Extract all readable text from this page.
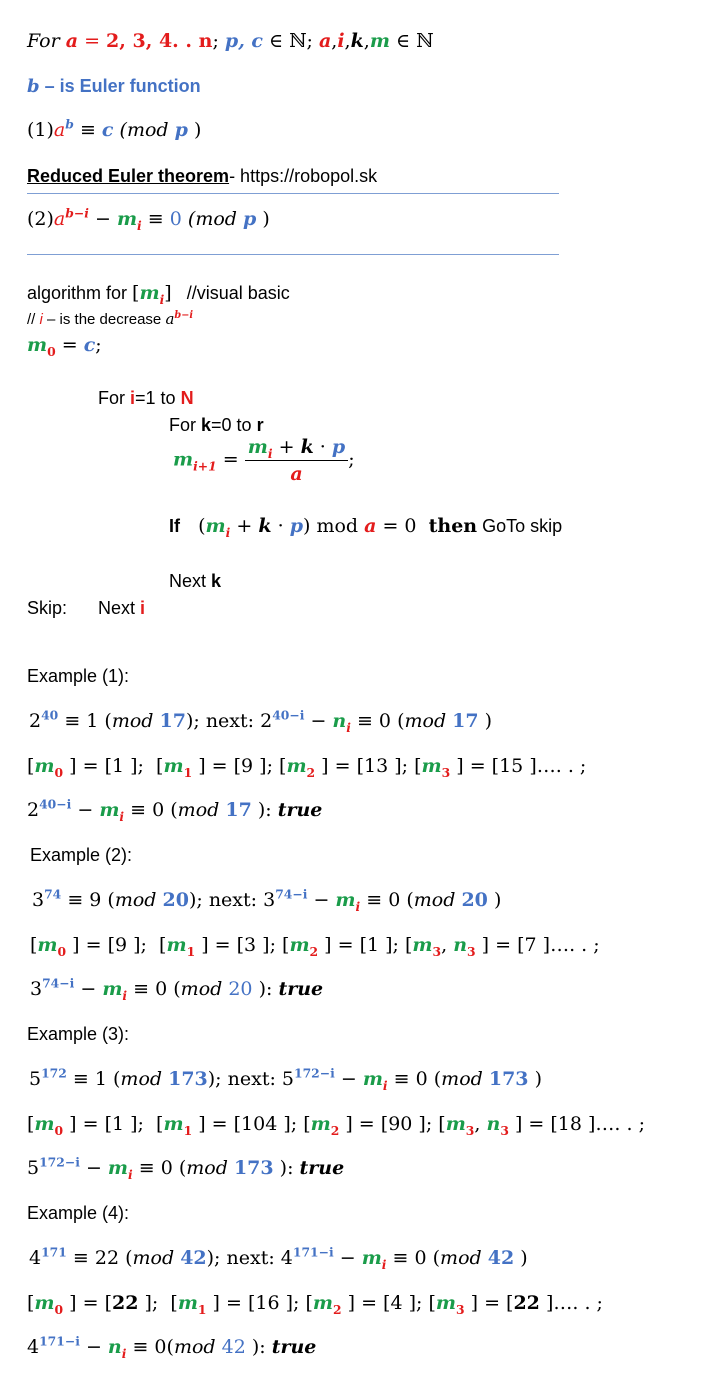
For a = 2, 3, 4. . n; p, c ∈ ℕ; a,i,k,m ∈ ℕ
b – is Euler function
$(1)a^b \equiv c$ (mod p )
Reduced Euler theorem- https://robopol.sk
$(2)a^{b-i} - m_i \equiv 0$ (mod p )
algorithm for $[m_i]$ //visual basic
// i – is the decrease $a^{b-i}$
$m_0 = c$;
For i=1 to N
For k=0 to r
$m_{i+1} = \frac{m_i + k \cdot p}{a}$ ;
If $(m_i + k \cdot p)$ mod a = 0 then GoTo skip
Next k
Skip: Next i
Example (1):
$2^{40} \equiv 1$ (mod 17); next: $2^{40-i} - n_i \equiv 0$ (mod 17 )
[$m_0$ ] = [1 ];  [$m_1$ ] = [9 ]; [$m_2$ ] = [13 ]; [$m_3$ ] = [15 ]…. . ;
$2^{40-i} - m_i \equiv 0$ (mod 17 ): true
Example (2):
$3^{74} \equiv 9$ (mod 20); next: $3^{74-i} - m_i \equiv 0$ (mod 20 )
[$m_0$ ] = [9 ];  [$m_1$ ] = [3 ]; [$m_2$ ] = [1 ]; [$m_3$, $n_3$ ] = [7 ]…. . ;
$3^{74-i} - m_i \equiv 0$ (mod 20 ): true
Example (3):
$5^{172} \equiv 1$ (mod 173); next: $5^{172-i} - m_i \equiv 0$ (mod 173 )
[$m_0$ ] = [1 ];  [$m_1$ ] = [104 ]; [$m_2$ ] = [90 ]; [$m_3$, $n_3$ ] = [18 ]…. . ;
$5^{172-i} - m_i \equiv 0$ (mod 173 ): true
Example (4):
$4^{171} \equiv 22$ (mod 42); next: $4^{171-i} - m_i \equiv 0$ (mod 42 )
[$m_0$ ] = [22 ];  [$m_1$ ] = [16 ]; [$m_2$ ] = [4 ]; [$m_3$ ] = [22 ]…. . ;
$4^{171-i} - n_i \equiv 0(mod$ 42 ): true
